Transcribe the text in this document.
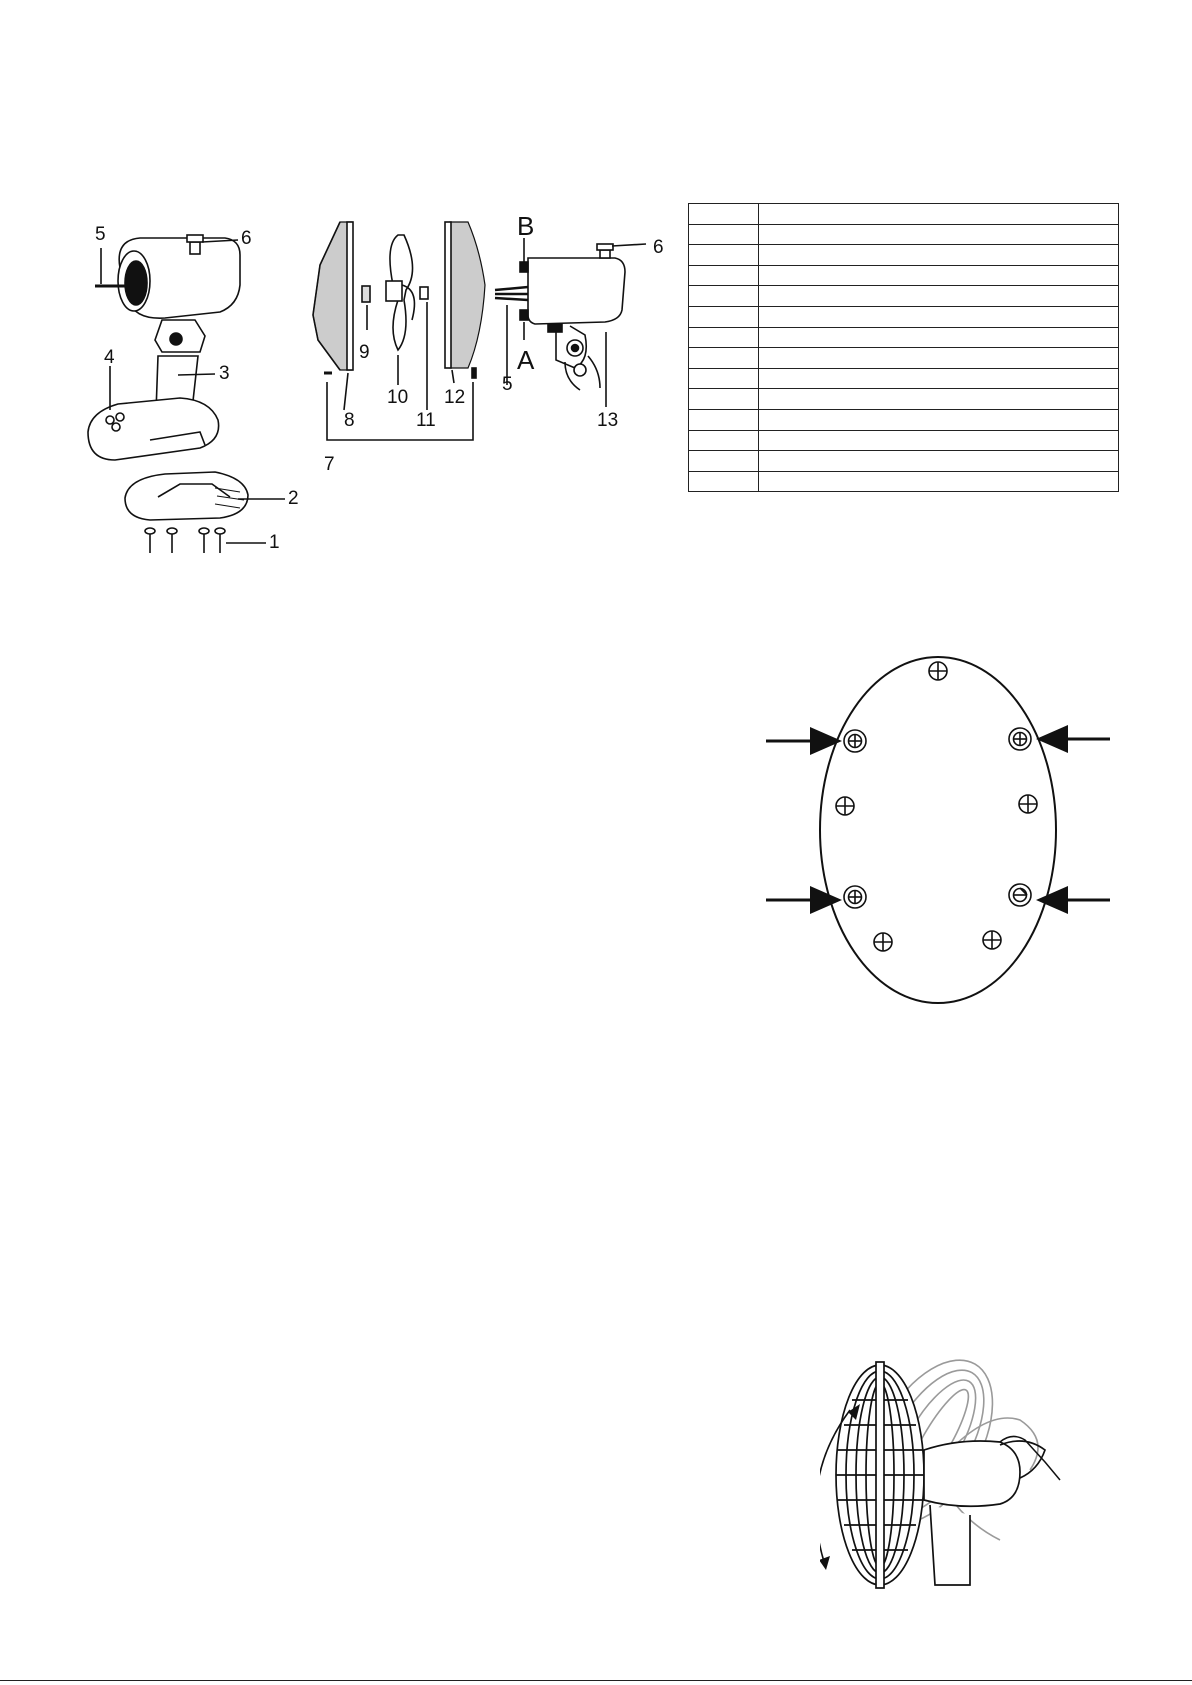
5	6
4
3
2
1
8
9
10
11
12
5
7
13
6
B
A
